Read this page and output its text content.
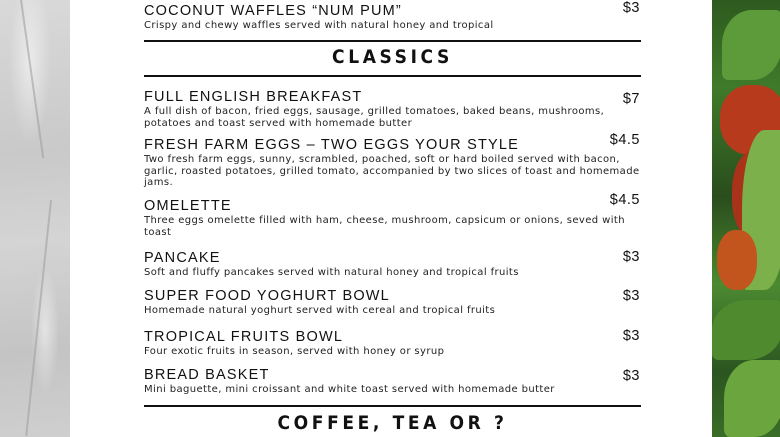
COCONUT WAFFLES “NUM PUM”
Crispy and chewy waffles served with natural honey and tropical
$3
CLASSICS
FULL ENGLISH BREAKFAST
A full dish of bacon, fried eggs, sausage, grilled tomatoes, baked beans, mushrooms, potatoes and toast served with homemade butter
$7
FRESH FARM EGGS – TWO EGGS YOUR STYLE
Two fresh farm eggs, sunny, scrambled, poached, soft or hard boiled served with bacon, garlic, roasted potatoes, grilled tomato, accompanied by two slices of toast and homemade jams.
$4.5
OMELETTE
Three eggs omelette filled with ham, cheese, mushroom, capsicum or onions, seved with toast
$4.5
PANCAKE
Soft and fluffy pancakes served with natural honey and tropical fruits
$3
SUPER FOOD YOGHURT BOWL
Homemade natural yoghurt served with cereal and tropical fruits
$3
TROPICAL FRUITS BOWL
Four exotic fruits in season, served with honey or syrup
$3
BREAD BASKET
Mini baguette, mini croissant and white toast served with homemade butter
$3
COFFEE, TEA OR ?
